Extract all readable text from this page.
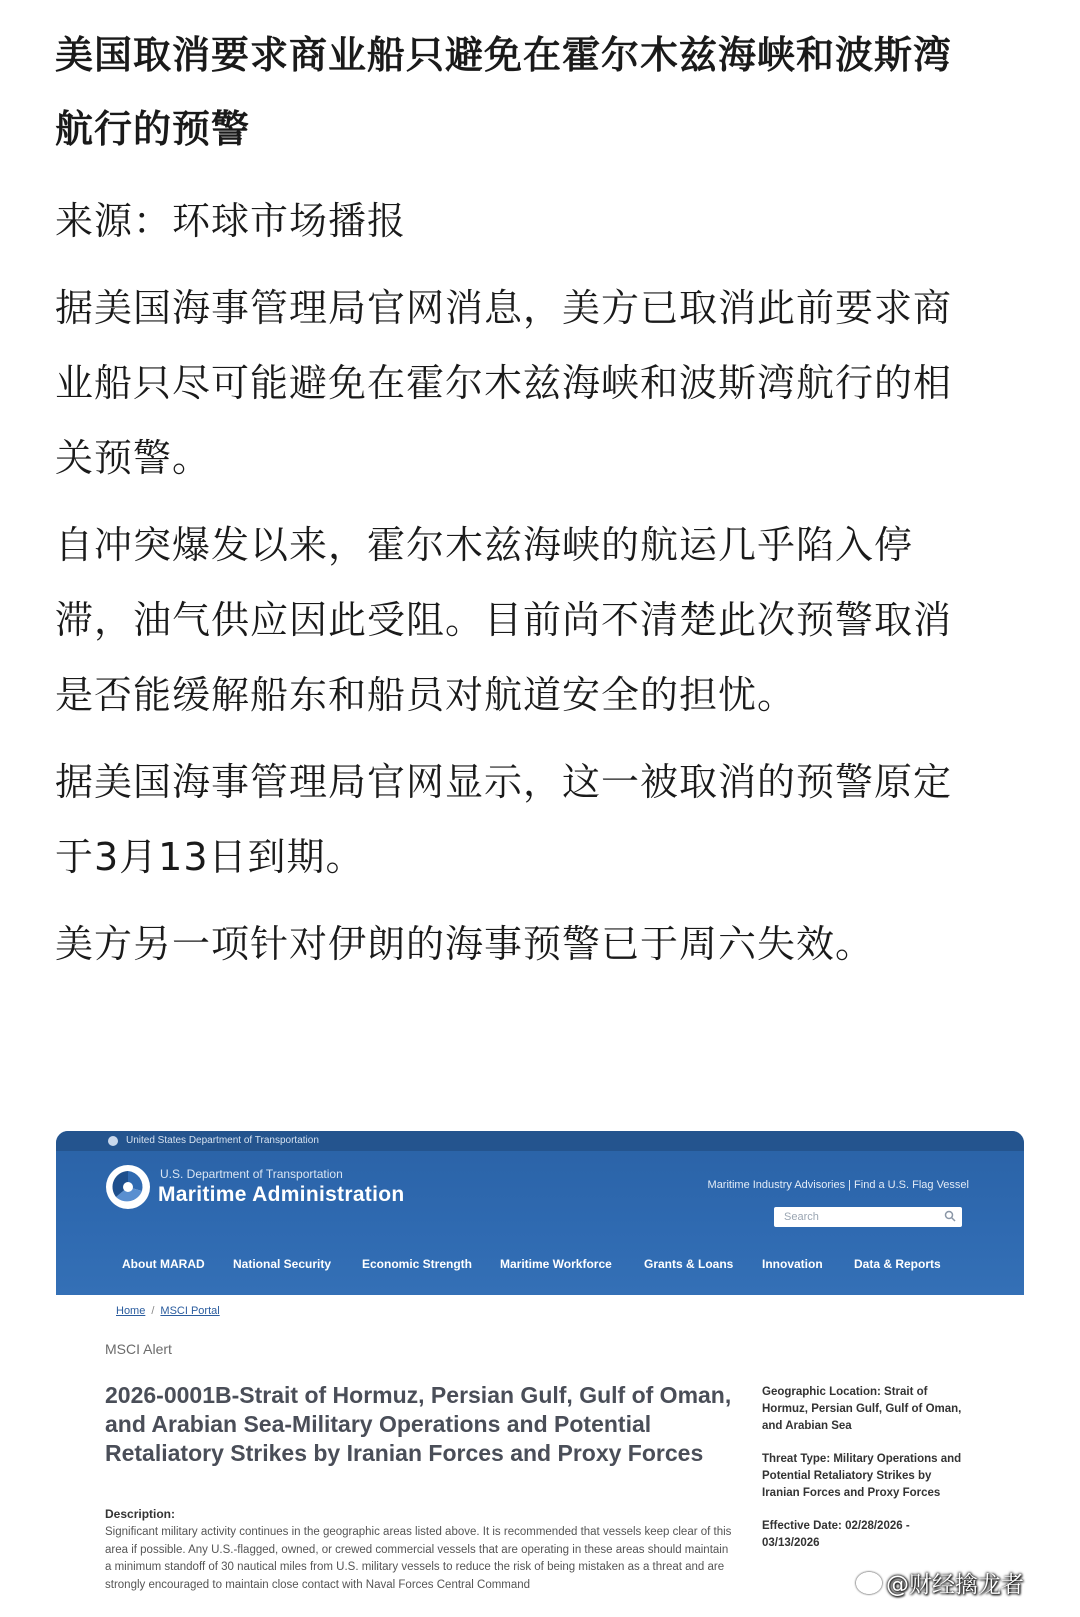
美国取消要求商业船只避免在霍尔木兹海峡和波斯湾航行的预警

来源：环球市场播报

据美国海事管理局官网消息，美方已取消此前要求商业船只尽可能避免在霍尔木兹海峡和波斯湾航行的相关预警。

自冲突爆发以来，霍尔木兹海峡的航运几乎陷入停滞，油气供应因此受阻。目前尚不清楚此次预警取消是否能缓解船东和船员对航道安全的担忧。

据美国海事管理局官网显示，这一被取消的预警原定于3月13日到期。

美方另一项针对伊朗的海事预警已于周六失效。

United States Department of Transportation
U.S. Department of Transportation
Maritime Administration	Maritime Industry Advisories | Find a U.S. Flag Vessel
Search
About MARAD National Security	Economic Strength Maritime Workforce	Grants & Loans Innovation	Data & Reports
Home / MSCI Portal
MSCI Alert
2026-0001B-Strait of Hormuz, Persian Gulf, Gulf of Oman, and Arabian Sea-Military Operations and Potential Retaliatory Strikes by Iranian Forces and Proxy Forces
Description:
Significant military activity continues in the geographic areas listed above. It is recommended that vessels keep clear of this area if possible. Any U.S.-flagged, owned, or crewed commercial vessels that are operating in these areas should maintain a minimum standoff of 30 nautical miles from U.S. military vessels to reduce the risk of being mistaken as a threat and are strongly encouraged to maintain close contact with Naval Forces Central Command
Geographic Location: Strait of Hormuz, Persian Gulf, Gulf of Oman, and Arabian Sea
Threat Type: Military Operations and Potential Retaliatory Strikes by Iranian Forces and Proxy Forces
Effective Date: 02/28/2026 - 03/13/2026
@财经擒龙者
